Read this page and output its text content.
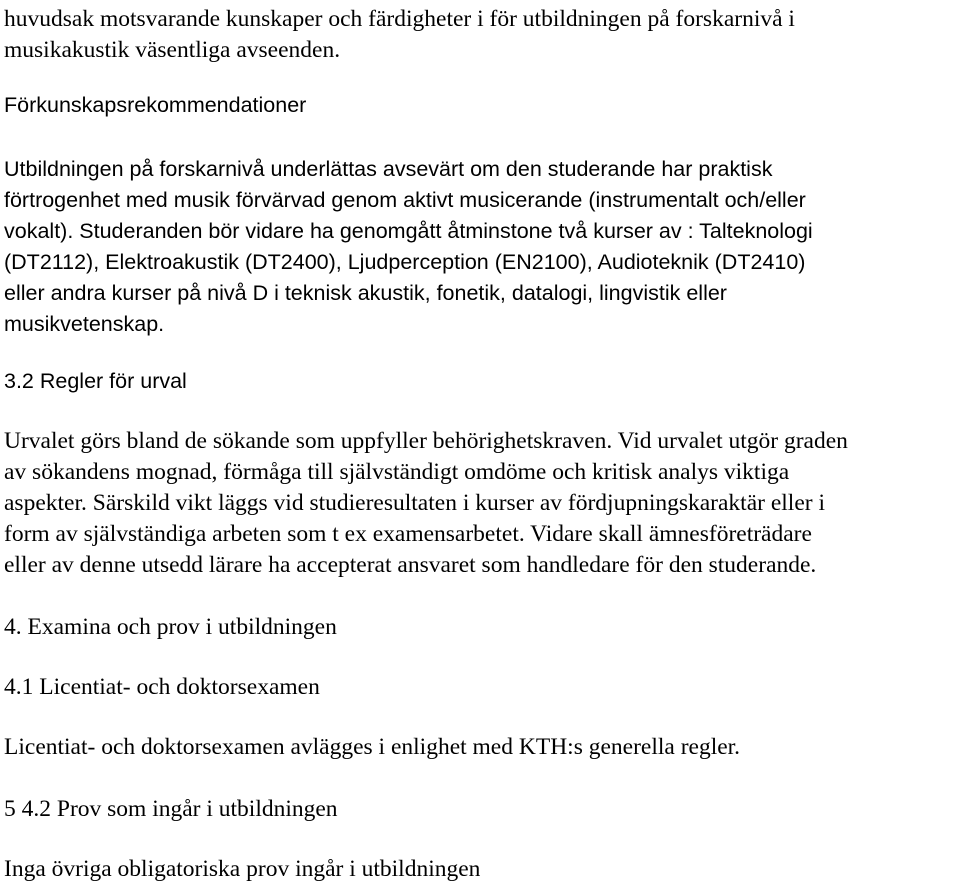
huvudsak motsvarande kunskaper och färdigheter i för utbildningen på forskarnivå i
musikakustik väsentliga avseenden.
Förkunskapsrekommendationer
Utbildningen på forskarnivå underlättas avsevärt om den studerande har praktisk
förtrogenhet med musik förvärvad genom aktivt musicerande (instrumentalt och/eller
vokalt). Studeranden bör vidare ha genomgått åtminstone två kurser av : Talteknologi
(DT2112), Elektroakustik (DT2400), Ljudperception (EN2100), Audioteknik (DT2410)
eller andra kurser på nivå D i teknisk akustik, fonetik, datalogi, lingvistik eller
musikvetenskap.
3.2 Regler för urval
Urvalet görs bland de sökande som uppfyller behörighetskraven. Vid urvalet utgör graden
av sökandens mognad, förmåga till självständigt omdöme och kritisk analys viktiga
aspekter. Särskild vikt läggs vid studieresultaten i kurser av fördjupningskaraktär eller i
form av självständiga arbeten som t ex examensarbetet. Vidare skall ämnesföreträdare
eller av denne utsedd lärare ha accepterat ansvaret som handledare för den studerande.
4. Examina och prov i utbildningen
4.1 Licentiat- och doktorsexamen

Licentiat- och doktorsexamen avlägges i enlighet med KTH:s generella regler.

5 4.2 Prov som ingår i utbildningen

Inga övriga obligatoriska prov ingår i utbildningen
